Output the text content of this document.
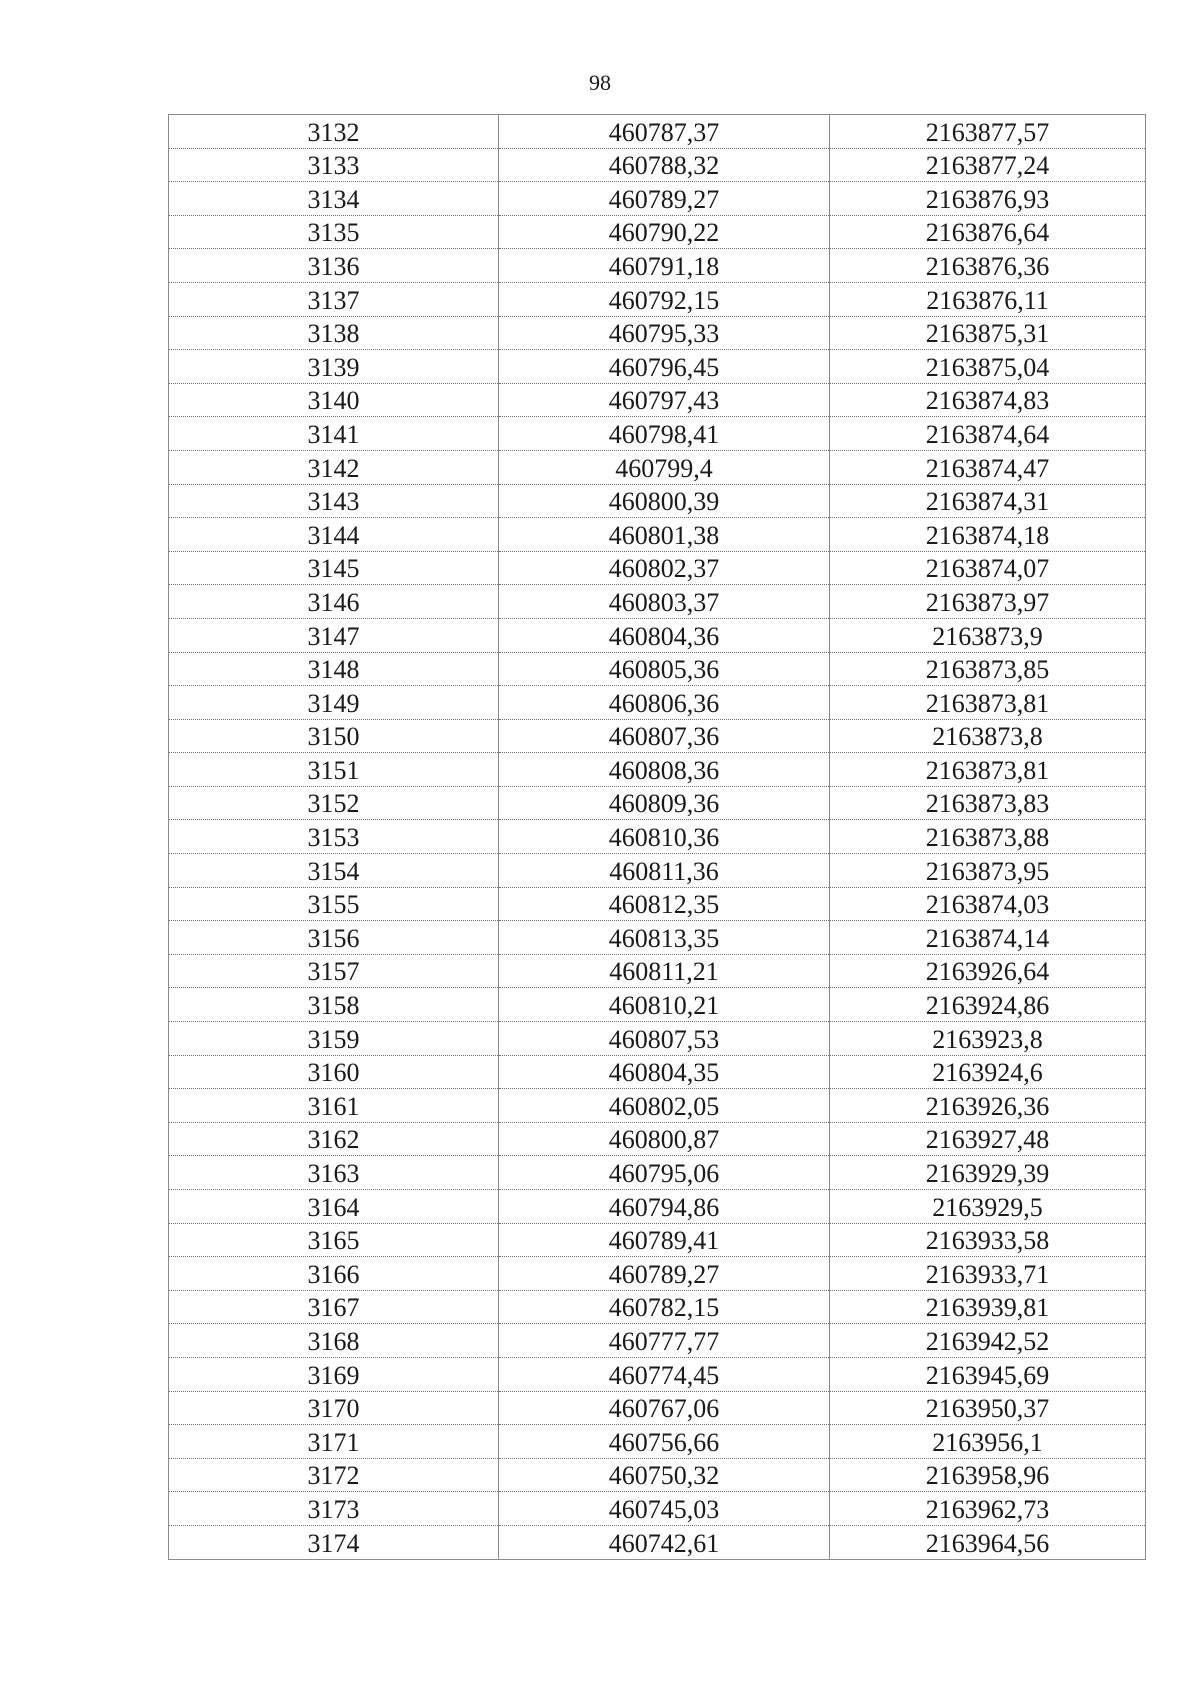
98
3132	460787,37	2163877,57
3133	460788,32	2163877,24
3134	460789,27	2163876,93
3135	460790,22	2163876,64
3136	460791,18	2163876,36
3137	460792,15	2163876,11
3138	460795,33	2163875,31
3139	460796,45	2163875,04
3140	460797,43	2163874,83
3141	460798,41	2163874,64
3142	460799,4	2163874,47
3143	460800,39	2163874,31
3144	460801,38	2163874,18
3145	460802,37	2163874,07
3146	460803,37	2163873,97
3147	460804,36	2163873,9
3148	460805,36	2163873,85
3149	460806,36	2163873,81
3150	460807,36	2163873,8
3151	460808,36	2163873,81
3152	460809,36	2163873,83
3153	460810,36	2163873,88
3154	460811,36	2163873,95
3155	460812,35	2163874,03
3156	460813,35	2163874,14
3157	460811,21	2163926,64
3158	460810,21	2163924,86
3159	460807,53	2163923,8
3160	460804,35	2163924,6
3161	460802,05	2163926,36
3162	460800,87	2163927,48
3163	460795,06	2163929,39
3164	460794,86	2163929,5
3165	460789,41	2163933,58
3166	460789,27	2163933,71
3167	460782,15	2163939,81
3168	460777,77	2163942,52
3169	460774,45	2163945,69
3170	460767,06	2163950,37
3171	460756,66	2163956,1
3172	460750,32	2163958,96
3173	460745,03	2163962,73
3174	460742,61	2163964,56
